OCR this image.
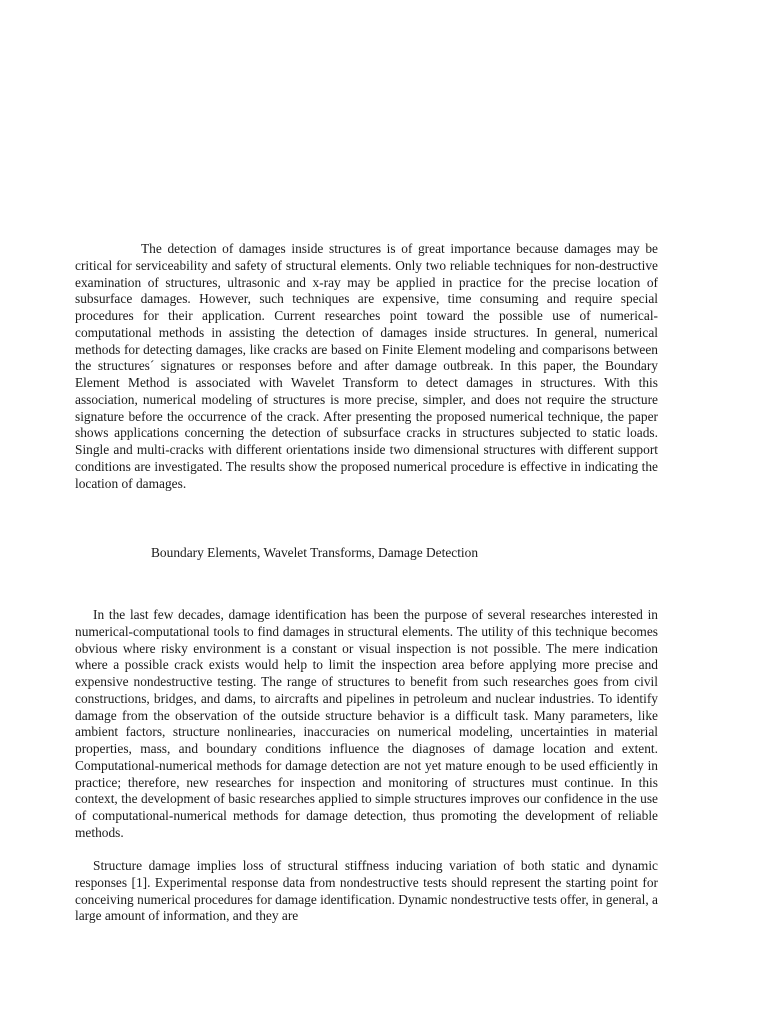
The detection of damages inside structures is of great importance because damages may be critical for serviceability and safety of structural elements. Only two reliable techniques for non-destructive examination of structures, ultrasonic and x-ray may be applied in practice for the precise location of subsurface damages. However, such techniques are expensive, time consuming and require special procedures for their application. Current researches point toward the possible use of numerical-computational methods in assisting the detection of damages inside structures. In general, numerical methods for detecting damages, like cracks are based on Finite Element modeling and comparisons between the structures´ signatures or responses before and after damage outbreak. In this paper, the Boundary Element Method is associated with Wavelet Transform to detect damages in structures. With this association, numerical modeling of structures is more precise, simpler, and does not require the structure signature before the occurrence of the crack. After presenting the proposed numerical technique, the paper shows applications concerning the detection of subsurface cracks in structures subjected to static loads. Single and multi-cracks with different orientations inside two dimensional structures with different support conditions are investigated. The results show the proposed numerical procedure is effective in indicating the location of damages.

Boundary Elements, Wavelet Transforms, Damage Detection

In the last few decades, damage identification has been the purpose of several researches interested in numerical-computational tools to find damages in structural elements. The utility of this technique becomes obvious where risky environment is a constant or visual inspection is not possible. The mere indication where a possible crack exists would help to limit the inspection area before applying more precise and expensive nondestructive testing. The range of structures to benefit from such researches goes from civil constructions, bridges, and dams, to aircrafts and pipelines in petroleum and nuclear industries. To identify damage from the observation of the outside structure behavior is a difficult task. Many parameters, like ambient factors, structure nonlinearies, inaccuracies on numerical modeling, uncertainties in material properties, mass, and boundary conditions influence the diagnoses of damage location and extent. Computational-numerical methods for damage detection are not yet mature enough to be used efficiently in practice; therefore, new researches for inspection and monitoring of structures must continue. In this context, the development of basic researches applied to simple structures improves our confidence in the use of computational-numerical methods for damage detection, thus promoting the development of reliable methods.

Structure damage implies loss of structural stiffness inducing variation of both static and dynamic responses [1]. Experimental response data from nondestructive tests should represent the starting point for conceiving numerical procedures for damage identification. Dynamic nondestructive tests offer, in general, a large amount of information, and they are
